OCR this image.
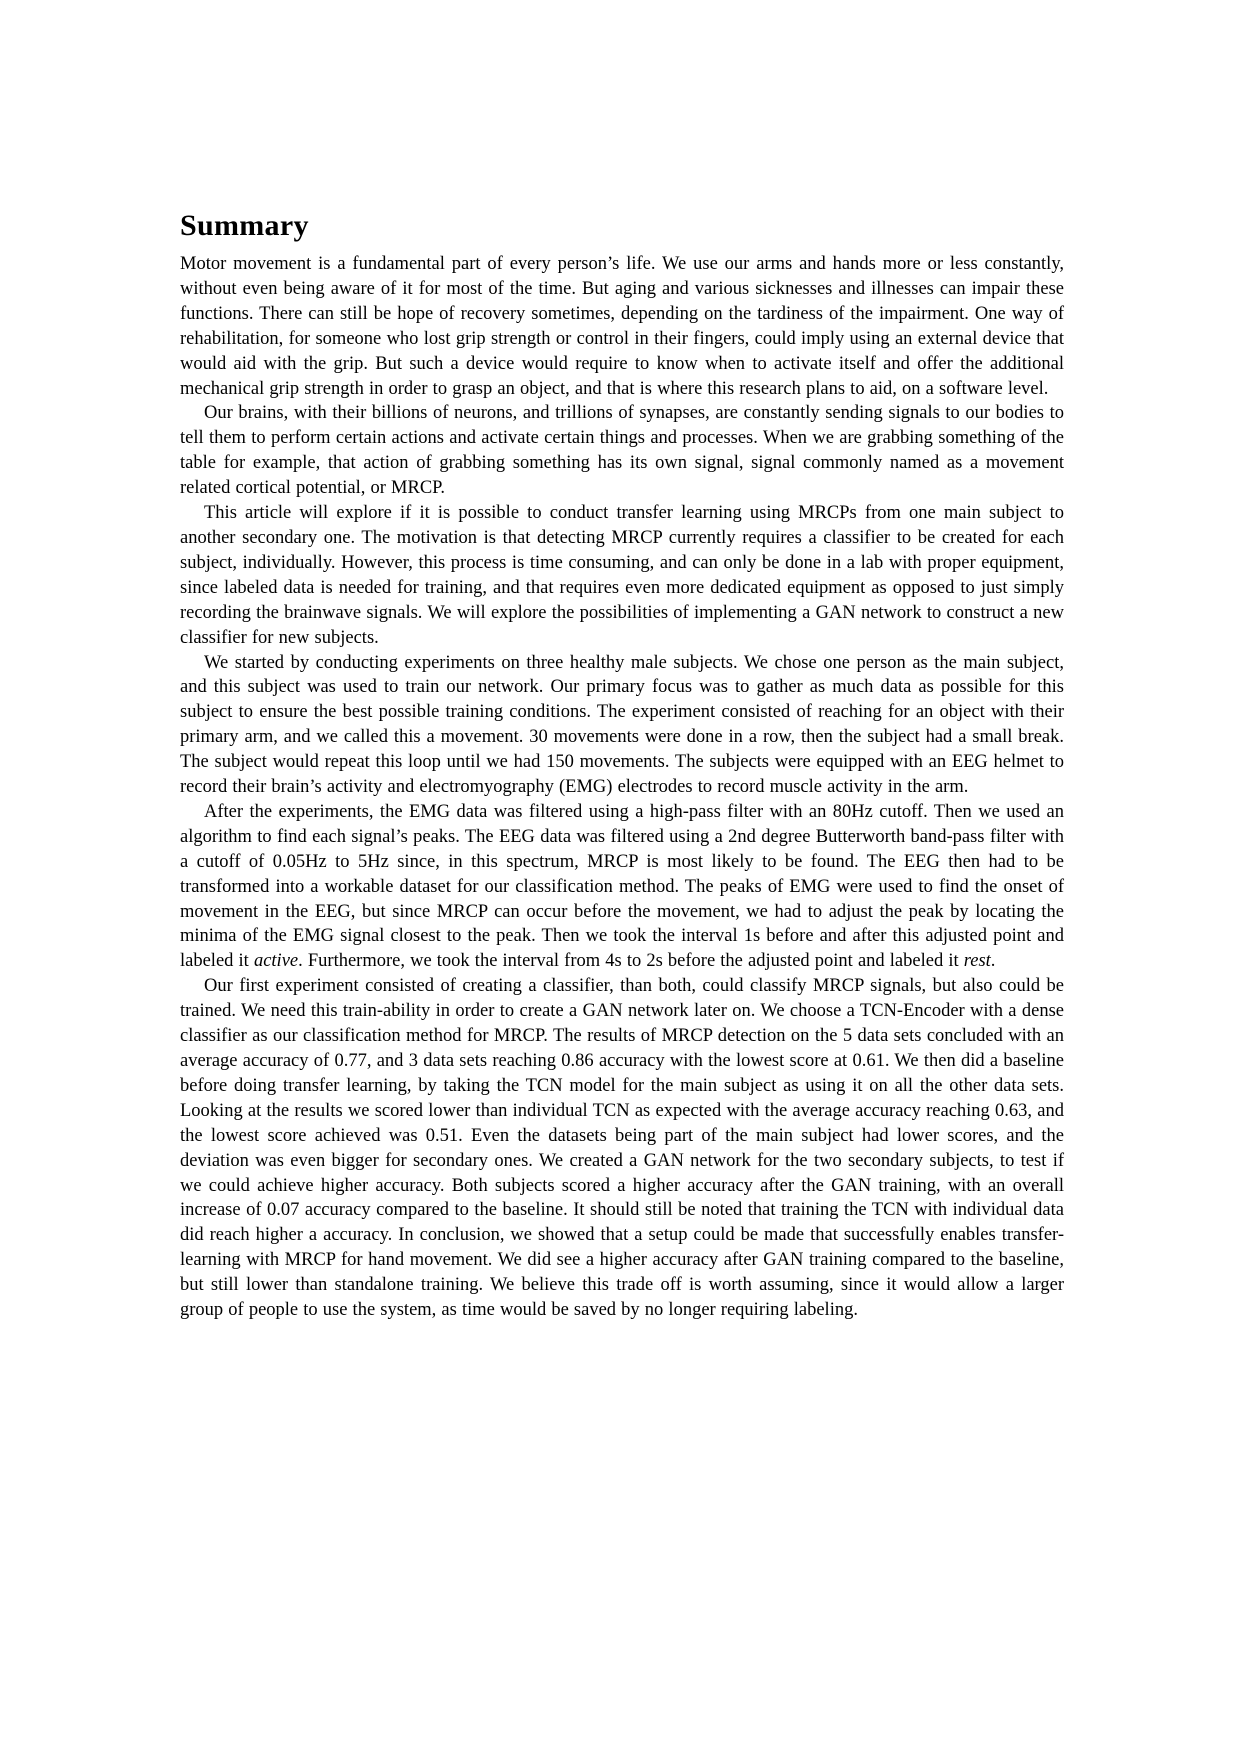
Summary

Motor movement is a fundamental part of every person’s life. We use our arms and hands more or less constantly, without even being aware of it for most of the time. But aging and various sicknesses and illnesses can impair these functions. There can still be hope of recovery sometimes, depending on the tardiness of the impairment. One way of rehabilitation, for someone who lost grip strength or control in their fingers, could imply using an external device that would aid with the grip. But such a device would require to know when to activate itself and offer the additional mechanical grip strength in order to grasp an object, and that is where this research plans to aid, on a software level.

Our brains, with their billions of neurons, and trillions of synapses, are constantly sending signals to our bodies to tell them to perform certain actions and activate certain things and processes. When we are grabbing something of the table for example, that action of grabbing something has its own signal, signal commonly named as a movement related cortical potential, or MRCP.

This article will explore if it is possible to conduct transfer learning using MRCPs from one main subject to another secondary one. The motivation is that detecting MRCP currently requires a classifier to be created for each subject, individually. However, this process is time consuming, and can only be done in a lab with proper equipment, since labeled data is needed for training, and that requires even more dedicated equipment as opposed to just simply recording the brainwave signals. We will explore the possibilities of implementing a GAN network to construct a new classifier for new subjects.

We started by conducting experiments on three healthy male subjects. We chose one person as the main subject, and this subject was used to train our network. Our primary focus was to gather as much data as possible for this subject to ensure the best possible training conditions. The experiment consisted of reaching for an object with their primary arm, and we called this a movement. 30 movements were done in a row, then the subject had a small break. The subject would repeat this loop until we had 150 movements. The subjects were equipped with an EEG helmet to record their brain’s activity and electromyography (EMG) electrodes to record muscle activity in the arm.

After the experiments, the EMG data was filtered using a high-pass filter with an 80Hz cutoff. Then we used an algorithm to find each signal’s peaks. The EEG data was filtered using a 2nd degree Butterworth band-pass filter with a cutoff of 0.05Hz to 5Hz since, in this spectrum, MRCP is most likely to be found. The EEG then had to be transformed into a workable dataset for our classification method. The peaks of EMG were used to find the onset of movement in the EEG, but since MRCP can occur before the movement, we had to adjust the peak by locating the minima of the EMG signal closest to the peak. Then we took the interval 1s before and after this adjusted point and labeled it active. Furthermore, we took the interval from 4s to 2s before the adjusted point and labeled it rest.

Our first experiment consisted of creating a classifier, than both, could classify MRCP signals, but also could be trained. We need this train-ability in order to create a GAN network later on. We choose a TCN-Encoder with a dense classifier as our classification method for MRCP. The results of MRCP detection on the 5 data sets concluded with an average accuracy of 0.77, and 3 data sets reaching 0.86 accuracy with the lowest score at 0.61. We then did a baseline before doing transfer learning, by taking the TCN model for the main subject as using it on all the other data sets. Looking at the results we scored lower than individual TCN as expected with the average accuracy reaching 0.63, and the lowest score achieved was 0.51. Even the datasets being part of the main subject had lower scores, and the deviation was even bigger for secondary ones. We created a GAN network for the two secondary subjects, to test if we could achieve higher accuracy. Both subjects scored a higher accuracy after the GAN training, with an overall increase of 0.07 accuracy compared to the baseline. It should still be noted that training the TCN with individual data did reach higher a accuracy. In conclusion, we showed that a setup could be made that successfully enables transfer-learning with MRCP for hand movement. We did see a higher accuracy after GAN training compared to the baseline, but still lower than standalone training. We believe this trade off is worth assuming, since it would allow a larger group of people to use the system, as time would be saved by no longer requiring labeling.
